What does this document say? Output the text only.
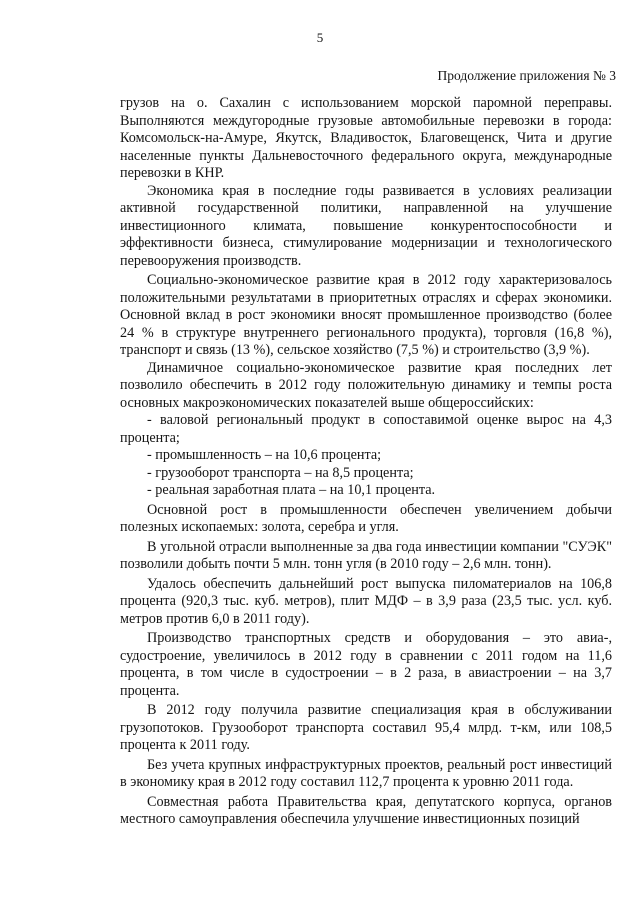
5
Продолжение приложения № 3

грузов на о. Сахалин с использованием морской паромной переправы. Выполняются междугородные грузовые автомобильные перевозки в города: Комсомольск-на-Амуре, Якутск, Владивосток, Благовещенск, Чита и другие населенные пункты Дальневосточного федерального округа, международные перевозки в КНР.

Экономика края в последние годы развивается в условиях реализации активной государственной политики, направленной на улучшение инвестиционного климата, повышение конкурентоспособности и эффективности бизнеса, стимулирование модернизации и технологического перевооружения производств.

Социально-экономическое развитие края в 2012 году характеризовалось положительными результатами в приоритетных отраслях и сферах экономики. Основной вклад в рост экономики вносят промышленное производство (более 24 % в структуре внутреннего регионального продукта), торговля (16,8 %), транспорт и связь (13 %), сельское хозяйство (7,5 %) и строительство (3,9 %).

Динамичное социально-экономическое развитие края последних лет позволило обеспечить в 2012 году положительную динамику и темпы роста основных макроэкономических показателей выше общероссийских:

- валовой региональный продукт в сопоставимой оценке вырос на 4,3 процента;

- промышленность – на 10,6 процента;

- грузооборот транспорта – на 8,5 процента;

- реальная заработная плата – на 10,1 процента.

Основной рост в промышленности обеспечен увеличением добычи полезных ископаемых: золота, серебра и угля.

В угольной отрасли выполненные за два года инвестиции компании "СУЭК" позволили добыть почти 5 млн. тонн угля (в 2010 году – 2,6 млн. тонн).

Удалось обеспечить дальнейший рост выпуска пиломатериалов на 106,8 процента (920,3 тыс. куб. метров), плит МДФ – в 3,9 раза (23,5 тыс. усл. куб. метров против 6,0 в 2011 году).

Производство транспортных средств и оборудования – это авиа-, судостроение, увеличилось в 2012 году в сравнении с 2011 годом на 11,6 процента, в том числе в судостроении – в 2 раза, в авиастроении – на 3,7 процента.

В 2012 году получила развитие специализация края в обслуживании грузопотоков. Грузооборот транспорта составил 95,4 млрд. т-км, или 108,5 процента к 2011 году.

Без учета крупных инфраструктурных проектов, реальный рост инвестиций в экономику края в 2012 году составил 112,7 процента к уровню 2011 года.

Совместная работа Правительства края, депутатского корпуса, органов местного самоуправления обеспечила улучшение инвестиционных позиций
